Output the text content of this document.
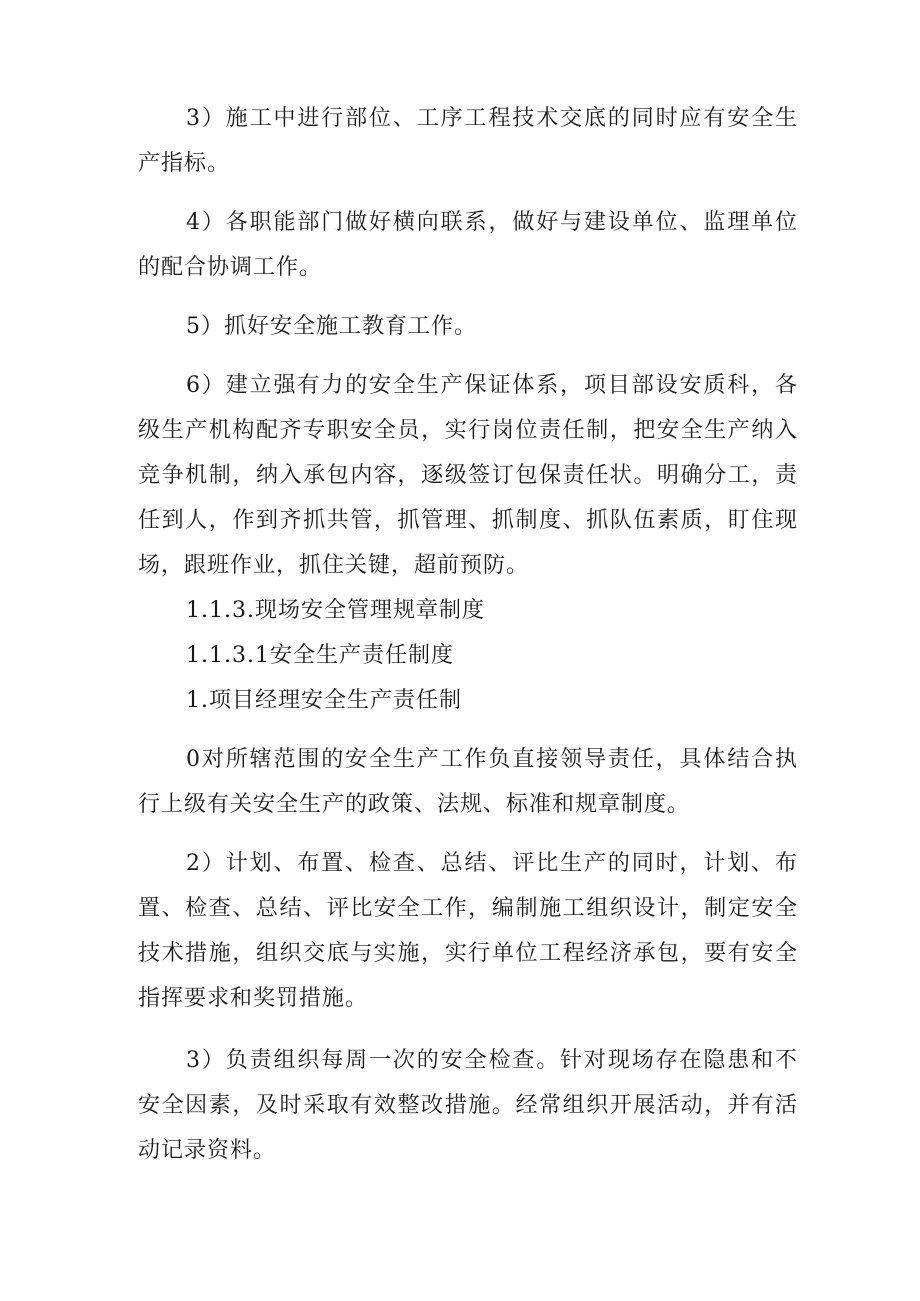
3）施工中进行部位、工序工程技术交底的同时应有安全生产指标。

4）各职能部门做好横向联系，做好与建设单位、监理单位的配合协调工作。

5）抓好安全施工教育工作。

6）建立强有力的安全生产保证体系，项目部设安质科，各级生产机构配齐专职安全员，实行岗位责任制，把安全生产纳入竞争机制，纳入承包内容，逐级签订包保责任状。明确分工，责任到人，作到齐抓共管，抓管理、抓制度、抓队伍素质，盯住现场，跟班作业，抓住关键，超前预防。

1.1.3.现场安全管理规章制度

1.1.3.1安全生产责任制度

1.项目经理安全生产责任制

0对所辖范围的安全生产工作负直接领导责任，具体结合执行上级有关安全生产的政策、法规、标准和规章制度。

2）计划、布置、检查、总结、评比生产的同时，计划、布置、检查、总结、评比安全工作，编制施工组织设计，制定安全技术措施，组织交底与实施，实行单位工程经济承包，要有安全指挥要求和奖罚措施。

3）负责组织每周一次的安全检查。针对现场存在隐患和不安全因素，及时采取有效整改措施。经常组织开展活动，并有活动记录资料。
